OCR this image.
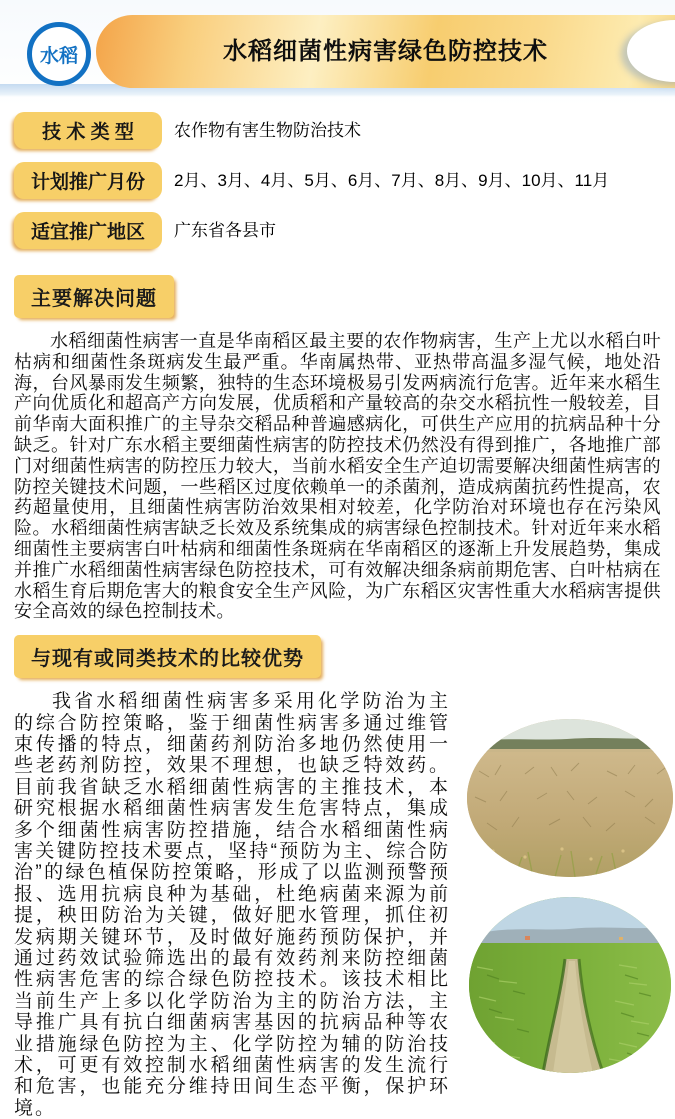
水稻细菌性病害绿色防控技术
水稻
技 术 类 型	农作物有害生物防治技术
计划推广月份	2月、3月、4月、5月、6月、7月、8月、9月、10月、11月
适宜推广地区	广东省各县市
主要解决问题

水稻细菌性病害一直是华南稻区最主要的农作物病害，生产上尤以水稻白叶枯病和细菌性条斑病发生最严重。华南属热带、亚热带高温多湿气候，地处沿海，台风暴雨发生频繁，独特的生态环境极易引发两病流行危害。近年来水稻生产向优质化和超高产方向发展，优质稻和产量较高的杂交水稻抗性一般较差，目前华南大面积推广的主导杂交稻品种普遍感病化，可供生产应用的抗病品种十分缺乏。针对广东水稻主要细菌性病害的防控技术仍然没有得到推广，各地推广部门对细菌性病害的防控压力较大，当前水稻安全生产迫切需要解决细菌性病害的防控关键技术问题，一些稻区过度依赖单一的杀菌剂，造成病菌抗药性提高，农药超量使用，且细菌性病害防治效果相对较差，化学防治对环境也存在污染风险。水稻细菌性病害缺乏长效及系统集成的病害绿色控制技术。针对近年来水稻细菌性主要病害白叶枯病和细菌性条斑病在华南稻区的逐渐上升发展趋势，集成并推广水稻细菌性病害绿色防控技术，可有效解决细条病前期危害、白叶枯病在水稻生育后期危害大的粮食安全生产风险，为广东稻区灾害性重大水稻病害提供安全高效的绿色控制技术。

与现有或同类技术的比较优势

我省水稻细菌性病害多采用化学防治为主的综合防控策略，鉴于细菌性病害多通过维管束传播的特点，细菌药剂防治多地仍然使用一些老药剂防控，效果不理想，也缺乏特效药。目前我省缺乏水稻细菌性病害的主推技术，本研究根据水稻细菌性病害发生危害特点，集成多个细菌性病害防控措施，结合水稻细菌性病害关键防控技术要点，坚持“预防为主、综合防治”的绿色植保防控策略，形成了以监测预警预报、选用抗病良种为基础，杜绝病菌来源为前提，秧田防治为关键，做好肥水管理，抓住初发病期关键环节，及时做好施药预防保护，并通过药效试验筛选出的最有效药剂来防控细菌性病害危害的综合绿色防控技术。该技术相比当前生产上多以化学防治为主的防治方法，主导推广具有抗白细菌病害基因的抗病品种等农业措施绿色防控为主、化学防控为辅的防治技术，可更有效控制水稻细菌性病害的发生流行和危害，也能充分维持田间生态平衡，保护环境。
